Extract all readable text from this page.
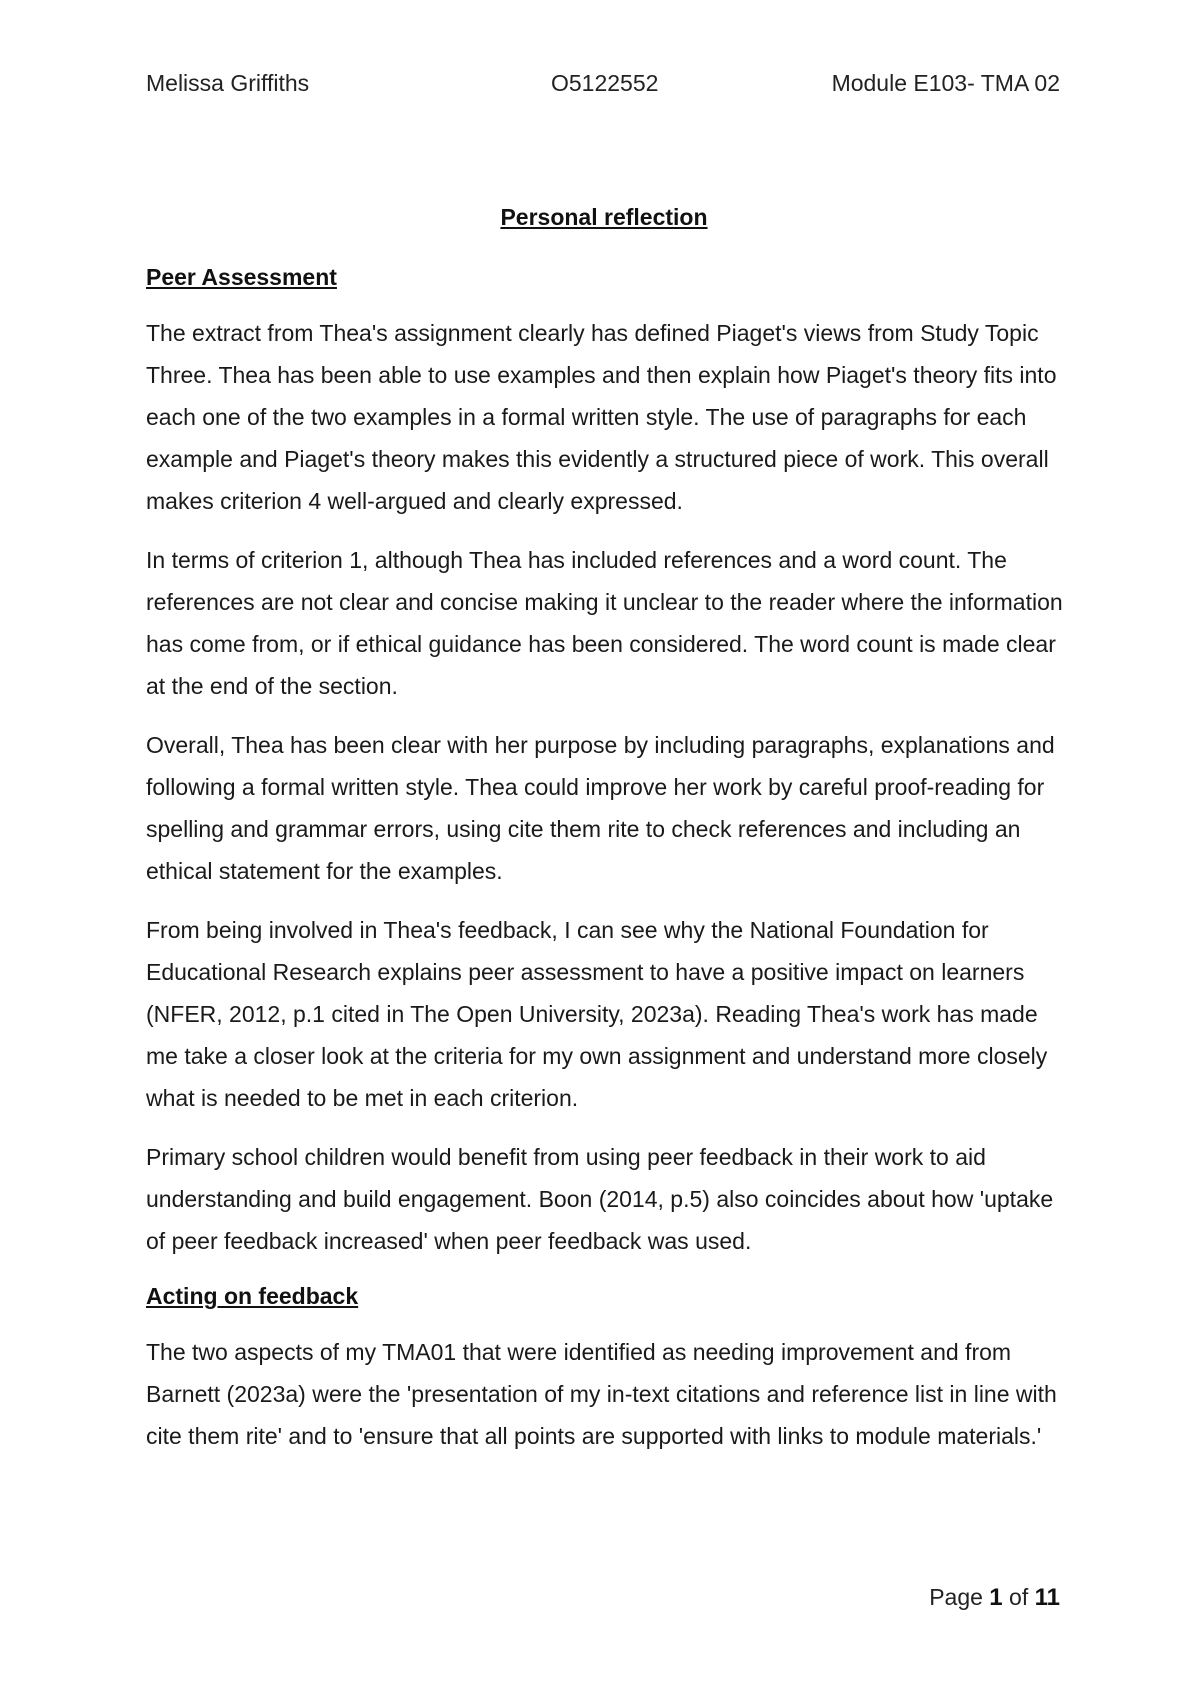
Melissa Griffiths	O5122552	Module E103- TMA 02
Personal reflection
Peer Assessment

The extract from Thea's assignment clearly has defined Piaget's views from Study Topic Three. Thea has been able to use examples and then explain how Piaget's theory fits into each one of the two examples in a formal written style. The use of paragraphs for each example and Piaget's theory makes this evidently a structured piece of work. This overall makes criterion 4 well-argued and clearly expressed.

In terms of criterion 1, although Thea has included references and a word count. The references are not clear and concise making it unclear to the reader where the information has come from, or if ethical guidance has been considered. The word count is made clear at the end of the section.

Overall, Thea has been clear with her purpose by including paragraphs, explanations and following a formal written style. Thea could improve her work by careful proof-reading for spelling and grammar errors, using cite them rite to check references and including an ethical statement for the examples.

From being involved in Thea's feedback, I can see why the National Foundation for Educational Research explains peer assessment to have a positive impact on learners (NFER, 2012, p.1 cited in The Open University, 2023a). Reading Thea's work has made me take a closer look at the criteria for my own assignment and understand more closely what is needed to be met in each criterion.

Primary school children would benefit from using peer feedback in their work to aid understanding and build engagement. Boon (2014, p.5) also coincides about how 'uptake of peer feedback increased' when peer feedback was used.

Acting on feedback

The two aspects of my TMA01 that were identified as needing improvement and from Barnett (2023a) were the 'presentation of my in-text citations and reference list in line with cite them rite' and to 'ensure that all points are supported with links to module materials.'

Page 1 of 11
